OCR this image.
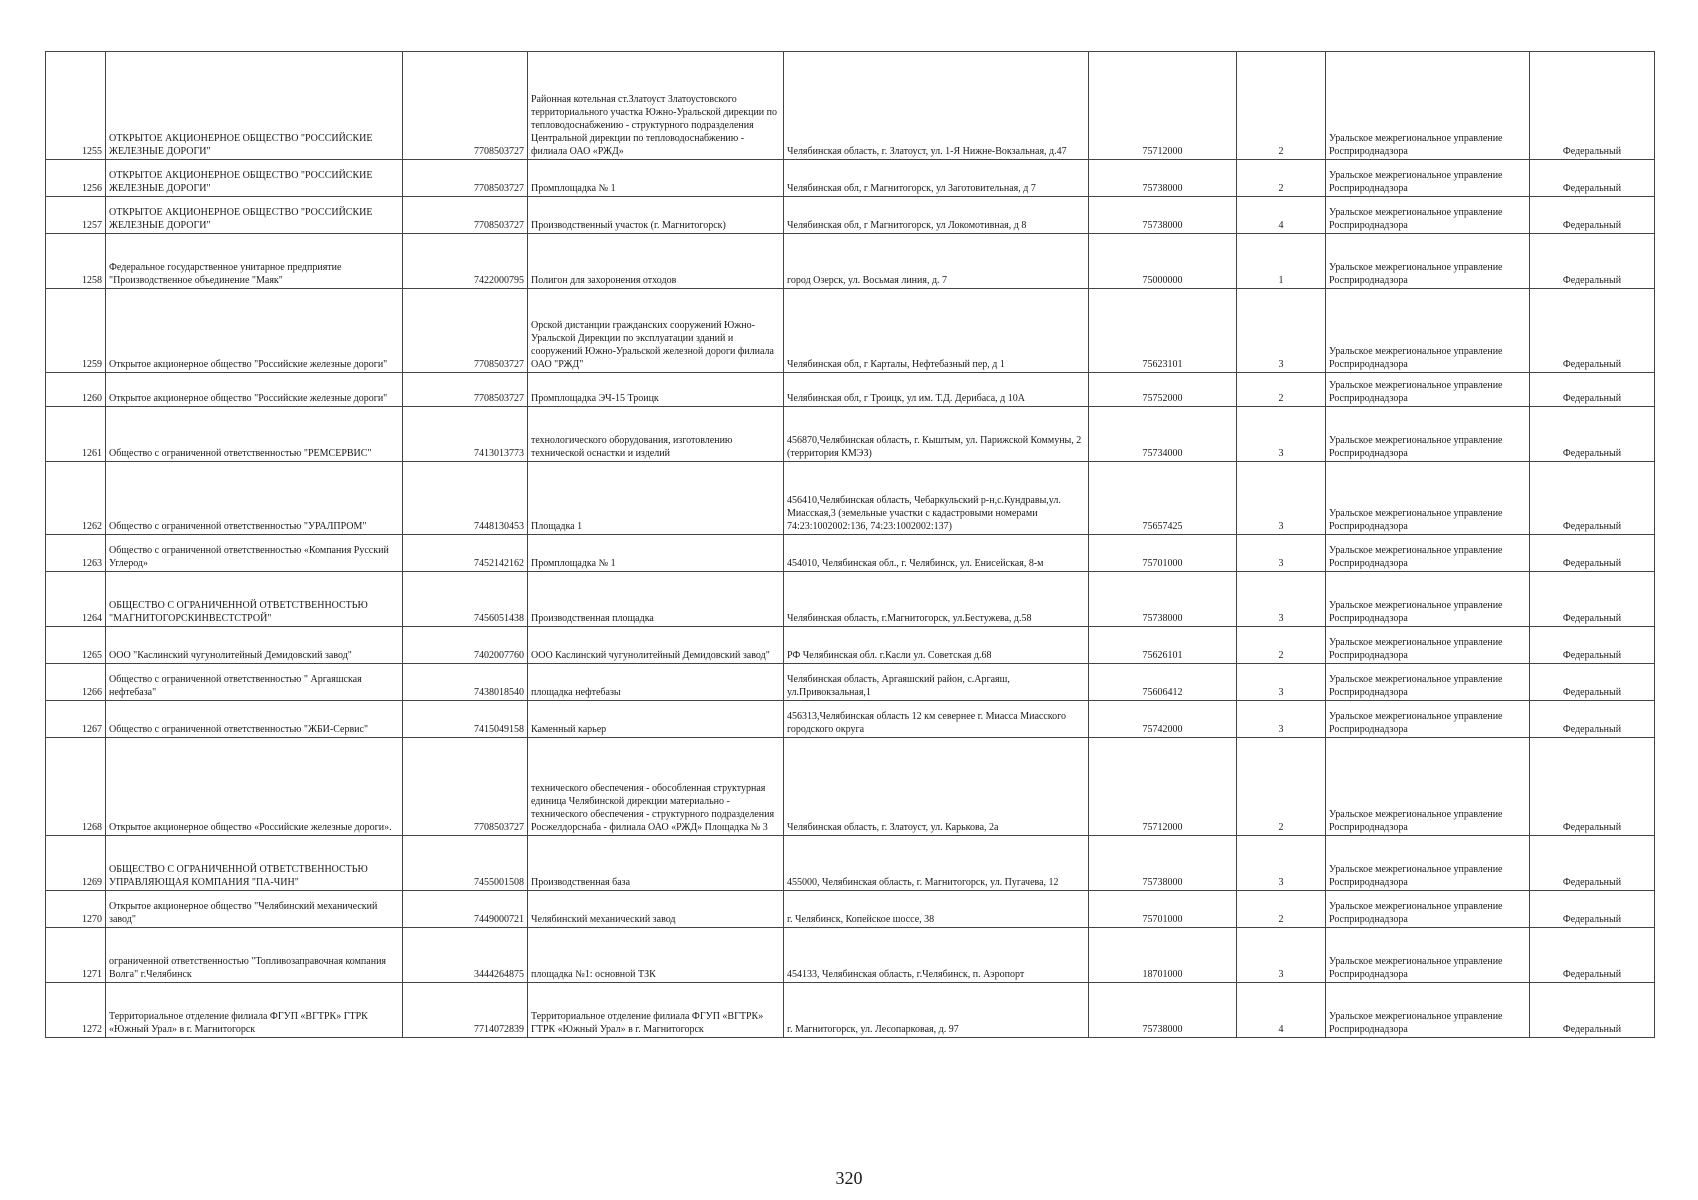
1255	ОТКРЫТОЕ АКЦИОНЕРНОЕ ОБЩЕСТВО "РОССИЙСКИЕ ЖЕЛЕЗНЫЕ ДОРОГИ"	7708503727	Районная котельная ст.Златоуст Златоустовского территориального участка Южно-Уральской дирекции по тепловодоснабжению - структурного подразделения Центральной дирекции по тепловодоснабжению - филиала ОАО «РЖД»	Челябинская область, г. Златоуст, ул. 1-Я Нижне-Вокзальная, д.47	75712000	2	Уральское межрегиональное управление Росприроднадзора	Федеральный
1256	ОТКРЫТОЕ АКЦИОНЕРНОЕ ОБЩЕСТВО "РОССИЙСКИЕ ЖЕЛЕЗНЫЕ ДОРОГИ"	7708503727	Промплощадка № 1	Челябинская обл, г Магнитогорск, ул Заготовительная, д 7	75738000	2	Уральское межрегиональное управление Росприроднадзора	Федеральный
1257	ОТКРЫТОЕ АКЦИОНЕРНОЕ ОБЩЕСТВО "РОССИЙСКИЕ ЖЕЛЕЗНЫЕ ДОРОГИ"	7708503727	Производственный участок (г. Магнитогорск)	Челябинская обл, г Магнитогорск, ул Локомотивная, д 8	75738000	4	Уральское межрегиональное управление Росприроднадзора	Федеральный
1258	Федеральное государственное унитарное предприятие "Производственное объединение "Маяк"	7422000795	Полигон для захоронения отходов	город Озерск, ул. Восьмая линия, д. 7	75000000	1	Уральское межрегиональное управление Росприроднадзора	Федеральный
1259	Открытое акционерное общество "Российские железные дороги"	7708503727	Орской дистанции гражданских сооружений Южно-Уральской Дирекции по эксплуатации зданий и сооружений Южно-Уральской железной дороги филиала ОАО "РЖД"	Челябинская обл, г Карталы, Нефтебазный пер, д 1	75623101	3	Уральское межрегиональное управление Росприроднадзора	Федеральный
1260	Открытое акционерное общество "Российские железные дороги"	7708503727	Промплощадка ЭЧ-15 Троицк	Челябинская обл, г Троицк, ул им. Т.Д. Дерибаса, д 10А	75752000	2	Уральское межрегиональное управление Росприроднадзора	Федеральный
1261	Общество с ограниченной ответственностью "РЕМСЕРВИС"	7413013773	технологического оборудования, изготовлению технической оснастки и изделий	456870,Челябинская область, г. Кыштым, ул. Парижской Коммуны, 2 (территория КМЭЗ)	75734000	3	Уральское межрегиональное управление Росприроднадзора	Федеральный
1262	Общество с ограниченной ответственностью "УРАЛПРОМ"	7448130453	Площадка 1	456410,Челябинская область, Чебаркульский р-н,с.Кундравы,ул. Миасская,3 (земельные участки с кадастровыми номерами 74:23:1002002:136, 74:23:1002002:137)	75657425	3	Уральское межрегиональное управление Росприроднадзора	Федеральный
1263	Общество с ограниченной ответственностью «Компания Русский Углерод»	7452142162	Промплощадка № 1	454010, Челябинская обл., г. Челябинск, ул. Енисейская, 8-м	75701000	3	Уральское межрегиональное управление Росприроднадзора	Федеральный
1264	ОБЩЕСТВО С ОГРАНИЧЕННОЙ ОТВЕТСТВЕННОСТЬЮ "МАГНИТОГОРСКИНВЕСТСТРОЙ"	7456051438	Производственная площадка	Челябинская область, г.Магнитогорск, ул.Бестужева, д.58	75738000	3	Уральское межрегиональное управление Росприроднадзора	Федеральный
1265	ООО "Каслинский чугунолитейный Демидовский завод"	7402007760	ООО Каслинский чугунолитейный Демидовский завод"	РФ Челябинская обл. г.Касли ул. Советская д.68	75626101	2	Уральское межрегиональное управление Росприроднадзора	Федеральный
1266	Общество с ограниченной ответственностью " Аргаяшская нефтебаза"	7438018540	площадка нефтебазы	Челябинская область, Аргаяшский район, с.Аргаяш, ул.Привокзальная,1	75606412	3	Уральское межрегиональное управление Росприроднадзора	Федеральный
1267	Общество с ограниченной ответственностью "ЖБИ-Сервис"	7415049158	Каменный карьер	456313,Челябинская область 12 км севернее г. Миасса Миасского городского округа	75742000	3	Уральское межрегиональное управление Росприроднадзора	Федеральный
1268	Открытое акционерное общество «Российские железные дороги».	7708503727	технического обеспечения - обособленная структурная единица Челябинской дирекции материально - технического обеспечения - структурного подразделения Росжелдорснаба - филиала ОАО «РЖД» Площадка № 3	Челябинская область, г. Златоуст, ул. Карькова, 2а	75712000	2	Уральское межрегиональное управление Росприроднадзора	Федеральный
1269	ОБЩЕСТВО С ОГРАНИЧЕННОЙ ОТВЕТСТВЕННОСТЬЮ УПРАВЛЯЮЩАЯ КОМПАНИЯ "ПА-ЧИН"	7455001508	Производственная база	455000, Челябинская область, г. Магнитогорск, ул. Пугачева, 12	75738000	3	Уральское межрегиональное управление Росприроднадзора	Федеральный
1270	Открытое акционерное общество "Челябинский механический завод"	7449000721	Челябинский механический завод	г. Челябинск, Копейское шоссе, 38	75701000	2	Уральское межрегиональное управление Росприроднадзора	Федеральный
1271	ограниченной ответственностью "Топливозаправочная компания Волга" г.Челябинск	3444264875	площадка №1: основной ТЗК	454133, Челябинская область, г.Челябинск, п. Аэропорт	18701000	3	Уральское межрегиональное управление Росприроднадзора	Федеральный
1272	Территориальное отделение филиала ФГУП «ВГТРК» ГТРК «Южный Урал» в г. Магнитогорск	7714072839	Территориальное отделение филиала ФГУП «ВГТРК» ГТРК «Южный Урал» в г. Магнитогорск	г. Магнитогорск, ул. Лесопарковая, д. 97	75738000	4	Уральское межрегиональное управление Росприроднадзора	Федеральный
320
